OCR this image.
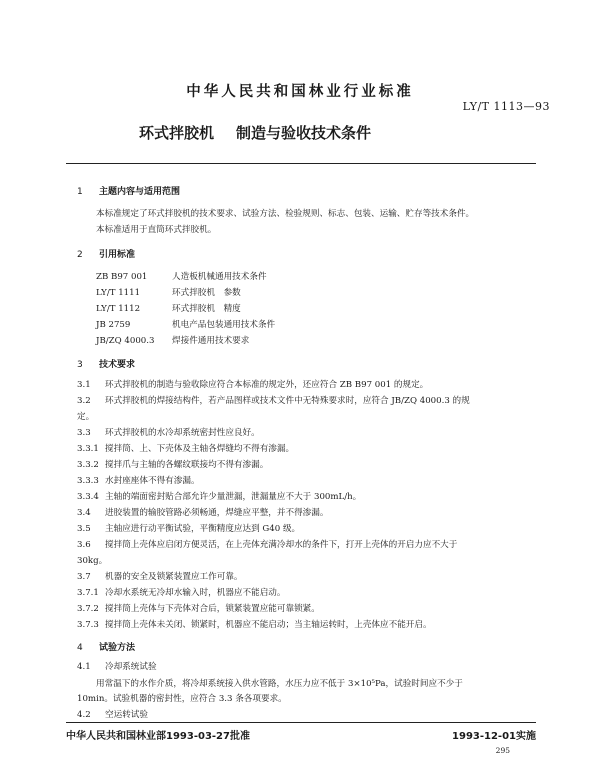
中华人民共和国林业行业标准
LY/T 1113—93
环式拌胶机 制造与验收技术条件
1 主题内容与适用范围
本标准规定了环式拌胶机的技术要求、试验方法、检验规则、标志、包装、运输、贮存等技术条件。
本标准适用于直筒环式拌胶机。
2 引用标准
ZB B97 001	人造板机械通用技术条件
LY/T 1111	环式拌胶机　参数
LY/T 1112	环式拌胶机　精度
JB 2759	机电产品包装通用技术条件
JB/ZQ 4000.3 焊接件通用技术要求
3 技术要求
3.1 环式拌胶机的制造与验收除应符合本标准的规定外，还应符合 ZB B97 001 的规定。
3.2 环式拌胶机的焊接结构件，若产品图样或技术文件中无特殊要求时，应符合 JB/ZQ 4000.3 的规
定。
3.3 环式拌胶机的水冷却系统密封性应良好。
3.3.1 搅拌筒、上、下壳体及主轴各焊缝均不得有渗漏。
3.3.2 搅拌爪与主轴的各螺纹联接均不得有渗漏。
3.3.3 水封座座体不得有渗漏。
3.3.4 主轴的端面密封贴合部允许少量泄漏，泄漏量应不大于 300mL/h。
3.4 进胶装置的输胶管路必须畅通，焊缝应平整，并不得渗漏。
3.5 主轴应进行动平衡试验，平衡精度应达到 G40 级。
3.6 搅拌筒上壳体应启闭方便灵活，在上壳体充满冷却水的条件下，打开上壳体的开启力应不大于
30kg。
3.7 机器的安全及锁紧装置应工作可靠。
3.7.1 冷却水系统无冷却水输入时，机器应不能启动。
3.7.2 搅拌筒上壳体与下壳体对合后，锁紧装置应能可靠锁紧。
3.7.3 搅拌筒上壳体未关闭、锁紧时，机器应不能启动；当主轴运转时，上壳体应不能开启。
4 试验方法
4.1 冷却系统试验
用常温下的水作介质，将冷却系统接入供水管路，水压力应不低于 3×10⁵Pa，试验时间应不少于
10min。试验机器的密封性，应符合 3.3 条各项要求。
4.2 空运转试验
中华人民共和国林业部1993-03-27批准	1993-12-01实施
295
